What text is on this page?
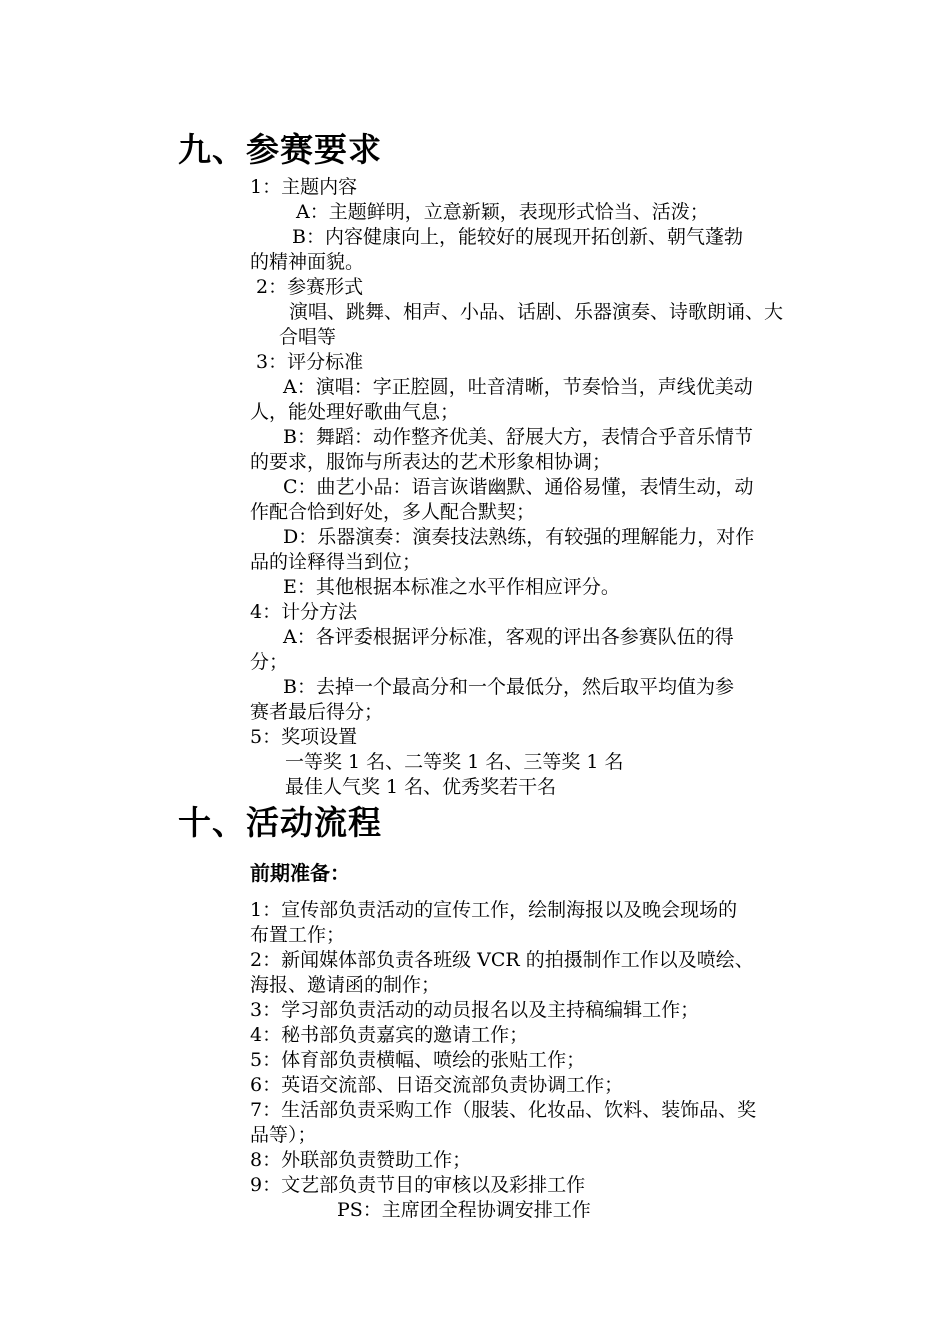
九、参赛要求
1：主题内容
A：主题鲜明，立意新颖，表现形式恰当、活泼；
B：内容健康向上，能较好的展现开拓创新、朝气蓬勃
的精神面貌。
2：参赛形式
演唱、跳舞、相声、小品、话剧、乐器演奏、诗歌朗诵、大
合唱等
3：评分标准
A：演唱：字正腔圆，吐音清晰，节奏恰当，声线优美动
人，能处理好歌曲气息；
B：舞蹈：动作整齐优美、舒展大方，表情合乎音乐情节
的要求，服饰与所表达的艺术形象相协调；
C：曲艺小品：语言诙谐幽默、通俗易懂，表情生动，动
作配合恰到好处，多人配合默契；
D：乐器演奏：演奏技法熟练，有较强的理解能力，对作
品的诠释得当到位；
E：其他根据本标准之水平作相应评分。
4：计分方法
A：各评委根据评分标准，客观的评出各参赛队伍的得
分；
B：去掉一个最高分和一个最低分，然后取平均值为参
赛者最后得分；
5：奖项设置
一等奖 1 名、二等奖 1 名、三等奖 1 名
最佳人气奖 1 名、优秀奖若干名
十、活动流程
前期准备：
1：宣传部负责活动的宣传工作，绘制海报以及晚会现场的
布置工作；
2：新闻媒体部负责各班级 VCR 的拍摄制作工作以及喷绘、
海报、邀请函的制作；
3：学习部负责活动的动员报名以及主持稿编辑工作；
4：秘书部负责嘉宾的邀请工作；
5：体育部负责横幅、喷绘的张贴工作；
6：英语交流部、日语交流部负责协调工作；
7：生活部负责采购工作（服装、化妆品、饮料、装饰品、奖
品等）；
8：外联部负责赞助工作；
9：文艺部负责节目的审核以及彩排工作
PS：主席团全程协调安排工作
